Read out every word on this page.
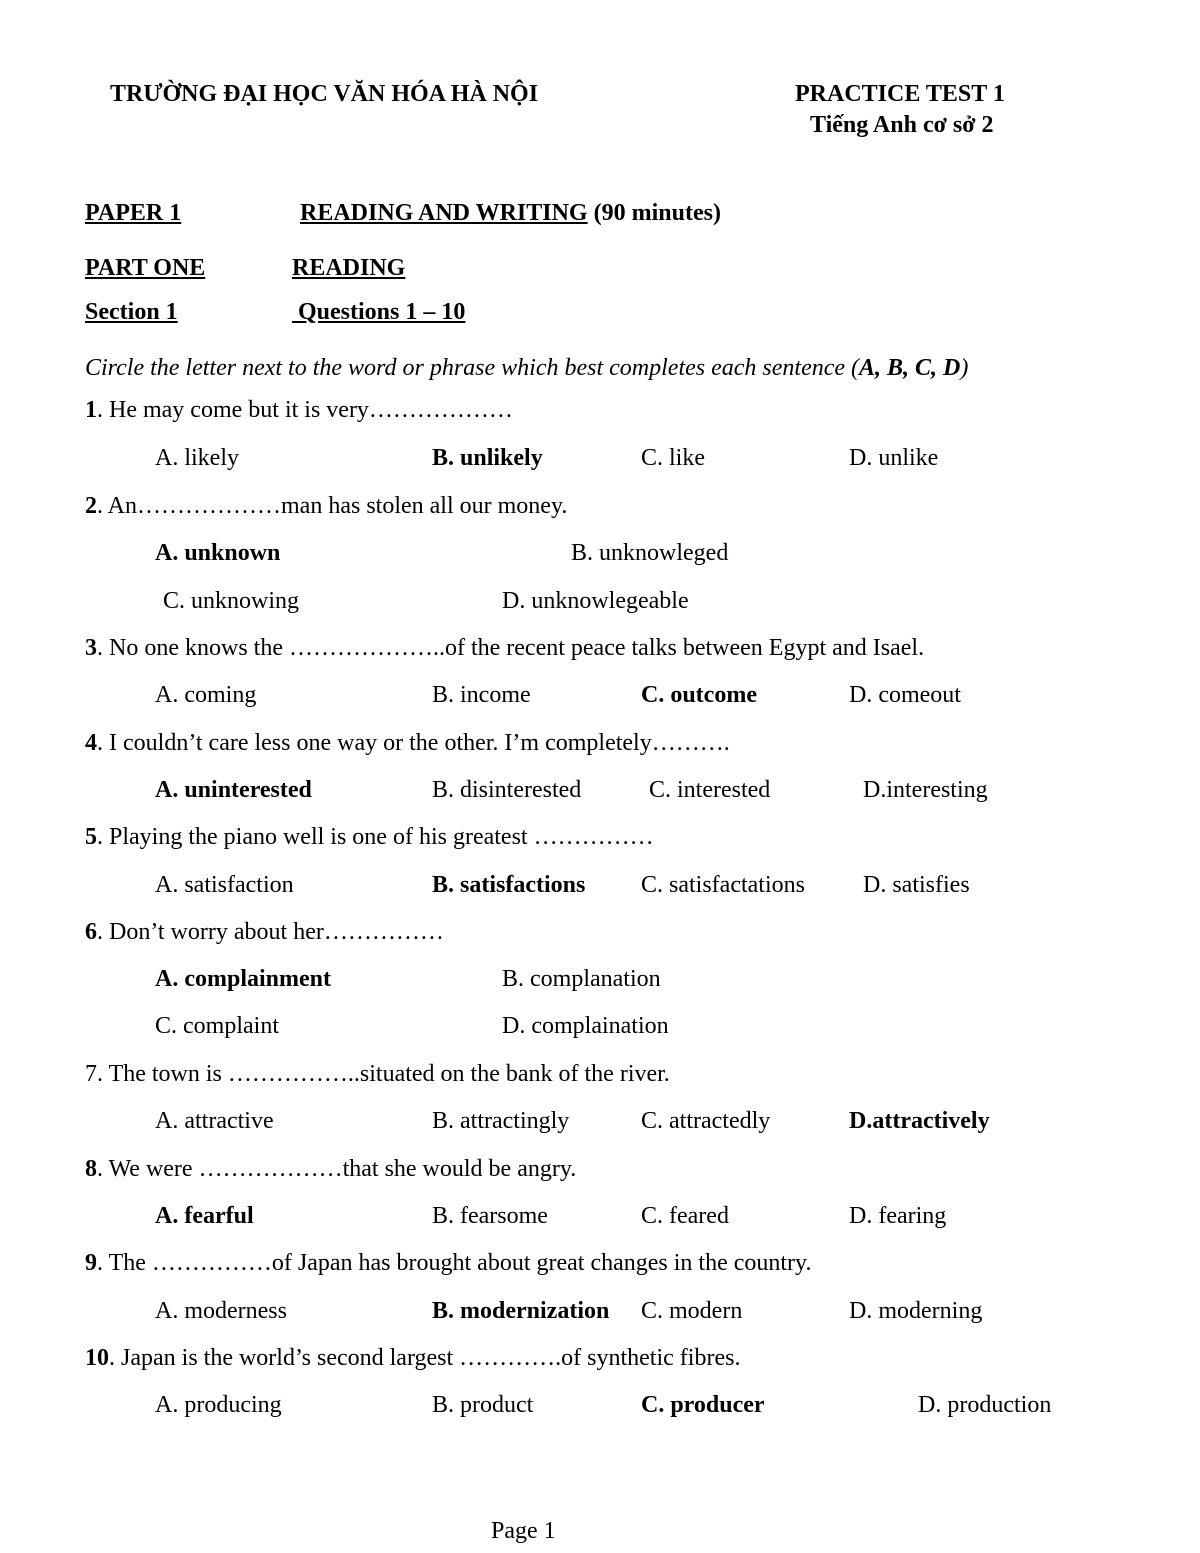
TRƯỜNG ĐẠI HỌC VĂN HÓA HÀ NỘI	PRACTICE TEST 1
Tiếng Anh cơ sở 2
PAPER 1	READING AND WRITING (90 minutes)
PART ONE	READING
Section 1	Questions 1 – 10
Circle the letter next to the word or phrase which best completes each sentence (A, B, C, D)
1. He may come but it is very………………
A. likely	B. unlikely	C. like	D. unlike
2. An………………man has stolen all our money.
A. unknown	B. unknowleged
C. unknowing	D. unknowlegeable
3. No one knows the ………………..of the recent peace talks between Egypt and Isael.
A. coming	B. income	C. outcome	D. comeout
4. I couldn’t care less one way or the other. I’m completely……….
A. uninterested	B. disinterested	C. interested	D.interesting
5. Playing the piano well is one of his greatest ……………
A. satisfaction	B. satisfactions C. satisfactations D. satisfies
6. Don’t worry about her……………
A. complainment	B. complanation
C. complaint	D. complaination
7. The town is ……………..situated on the bank of the river.
A. attractive	B. attractingly	C. attractedly	D.attractively
8. We were ………………that she would be angry.
A. fearful	B. fearsome	C. feared	D. fearing
9. The ……………of Japan has brought about great changes in the country.
A. moderness	B. modernization C. modern	D. moderning
10. Japan is the world’s second largest ………….of synthetic fibres.
A. producing	B. product	C. producer	D. production
Page 1
